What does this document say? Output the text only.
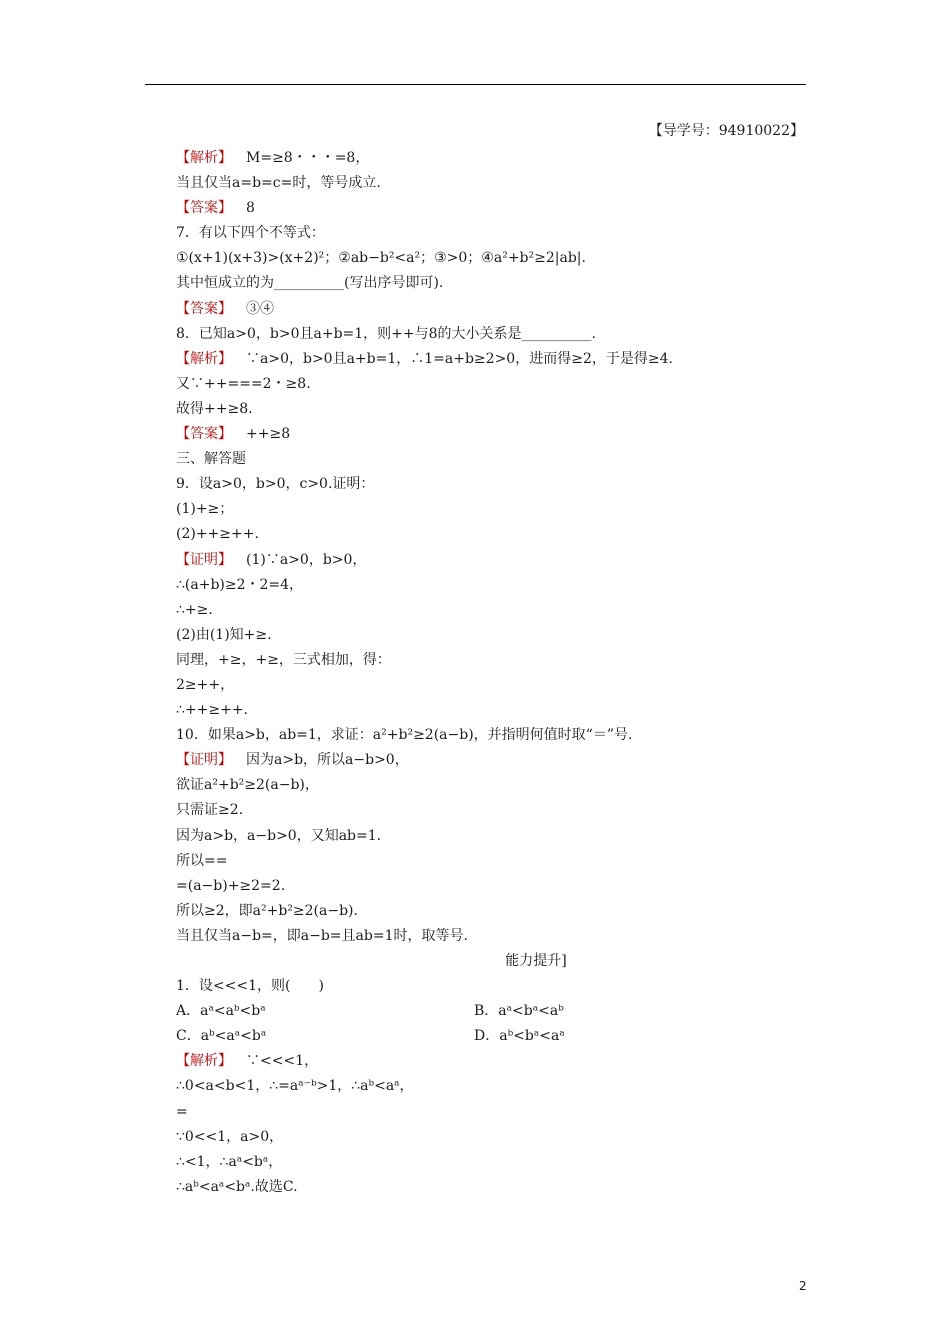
【导学号：94910022】
【解析】  M=≥8・・・=8，
当且仅当a=b=c=时，等号成立.
【答案】  8
7．有以下四个不等式：
①(x+1)(x+3)>(x+2)²；②ab−b²<a²；③>0；④a²+b²≥2|ab|.
其中恒成立的为__________(写出序号即可).
【答案】  ③④
8．已知a>0，b>0且a+b=1，则++与8的大小关系是__________.
【解析】  ∵a>0，b>0且a+b=1，∴1=a+b≥2>0，进而得≥2，于是得≥4.
又∵++===2・≥8.
故得++≥8.
【答案】  ++≥8
三、解答题
9．设a>0，b>0，c>0.证明：
(1)+≥；
(2)++≥++.
【证明】  (1)∵a>0，b>0，
∴(a+b)≥2・2=4，
∴+≥.
(2)由(1)知+≥.
同理，+≥，+≥，三式相加，得：
2≥++，
∴++≥++.
10．如果a>b，ab=1，求证：a²+b²≥2(a−b)，并指明何值时取“＝”号.
【证明】  因为a>b，所以a−b>0，
欲证a²+b²≥2(a−b)，
只需证≥2.
因为a>b，a−b>0，又知ab=1.
所以==
=(a−b)+≥2=2.
所以≥2，即a²+b²≥2(a−b).
当且仅当a−b=，即a−b=且ab=1时，取等号.
能力提升]
1．设<<<1，则(　　)
A．aᵃ<aᵇ<bᵃ	B．aᵃ<bᵃ<aᵇ
C．aᵇ<aᵃ<bᵃ	D．aᵇ<bᵃ<aᵃ
【解析】  ∵<<<1，
∴0<a<b<1，∴=aᵃ⁻ᵇ>1，∴aᵇ<aᵃ，
=
∵0<<1，a>0，
∴<1，∴aᵃ<bᵃ，
∴aᵇ<aᵃ<bᵃ.故选C.
2
